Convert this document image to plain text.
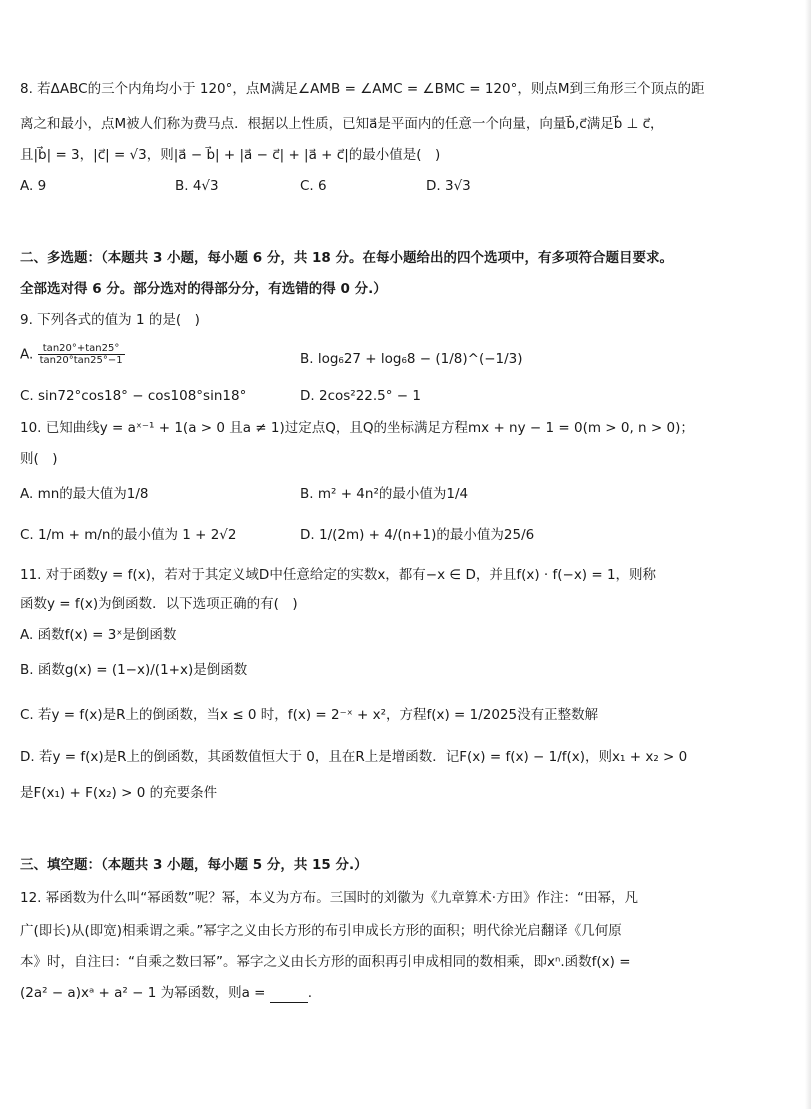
8. 若ΔABC的三个内角均小于 120°，点M满足∠AMB = ∠AMC = ∠BMC = 120°，则点M到三角形三个顶点的距
离之和最小，点M被人们称为费马点．根据以上性质，已知a⃗是平面内的任意一个向量，向量b⃗,c⃗满足b⃗ ⊥ c⃗，
且|b⃗| = 3，|c⃗| = √3，则|a⃗ − b⃗| + |a⃗ − c⃗| + |a⃗ + c⃗|的最小值是(　)
A. 9	B. 4√3	C. 6	D. 3√3
二、多选题：（本题共 3 小题，每小题 6 分，共 18 分。在每小题给出的四个选项中，有多项符合题目要求。
全部选对得 6 分。部分选对的得部分分，有选错的得 0 分.）
9. 下列各式的值为 1 的是(　)
A. $\frac{\tan 20^\circ+\tan 25^\circ}{\tan 20^\circ\tan 25^\circ-1}$	B. log₆27 + log₆8 − (1/8)^(−1/3)
C. sin72°cos18° − cos108°sin18°	D. 2cos²22.5° − 1
10. 已知曲线y = aˣ⁻¹ + 1(a > 0 且a ≠ 1)过定点Q，且Q的坐标满足方程mx + ny − 1 = 0(m > 0, n > 0)；
则(　)
A. mn的最大值为1/8	B. m² + 4n²的最小值为1/4
C. 1/m + m/n的最小值为 1 + 2√2	D. 1/(2m) + 4/(n+1)的最小值为25/6
11. 对于函数y = f(x)，若对于其定义域D中任意给定的实数x，都有−x ∈ D，并且f(x) · f(−x) = 1，则称
函数y = f(x)为倒函数．以下选项正确的有(　)
A. 函数f(x) = 3ˣ是倒函数
B. 函数g(x) = (1−x)/(1+x)是倒函数
C. 若y = f(x)是R上的倒函数，当x ≤ 0 时，f(x) = 2⁻ˣ + x²，方程f(x) = 1/2025没有正整数解
D. 若y = f(x)是R上的倒函数，其函数值恒大于 0，且在R上是增函数．记F(x) = f(x) − 1/f(x)，则x₁ + x₂ > 0
是F(x₁) + F(x₂) > 0 的充要条件
三、填空题：（本题共 3 小题，每小题 5 分，共 15 分.）
12. 幂函数为什么叫“幂函数”呢？幂，本义为方布。三国时的刘徽为《九章算术·方田》作注：“田幂，凡
广(即长)从(即宽)相乘谓之乘。”幂字之义由长方形的布引申成长方形的面积；明代徐光启翻译《几何原
本》时，自注曰：“自乘之数曰幂”。幂字之义由长方形的面积再引申成相同的数相乘，即xⁿ.函数f(x) =
(2a² − a)xᵃ + a² − 1 为幂函数，则a =	.
